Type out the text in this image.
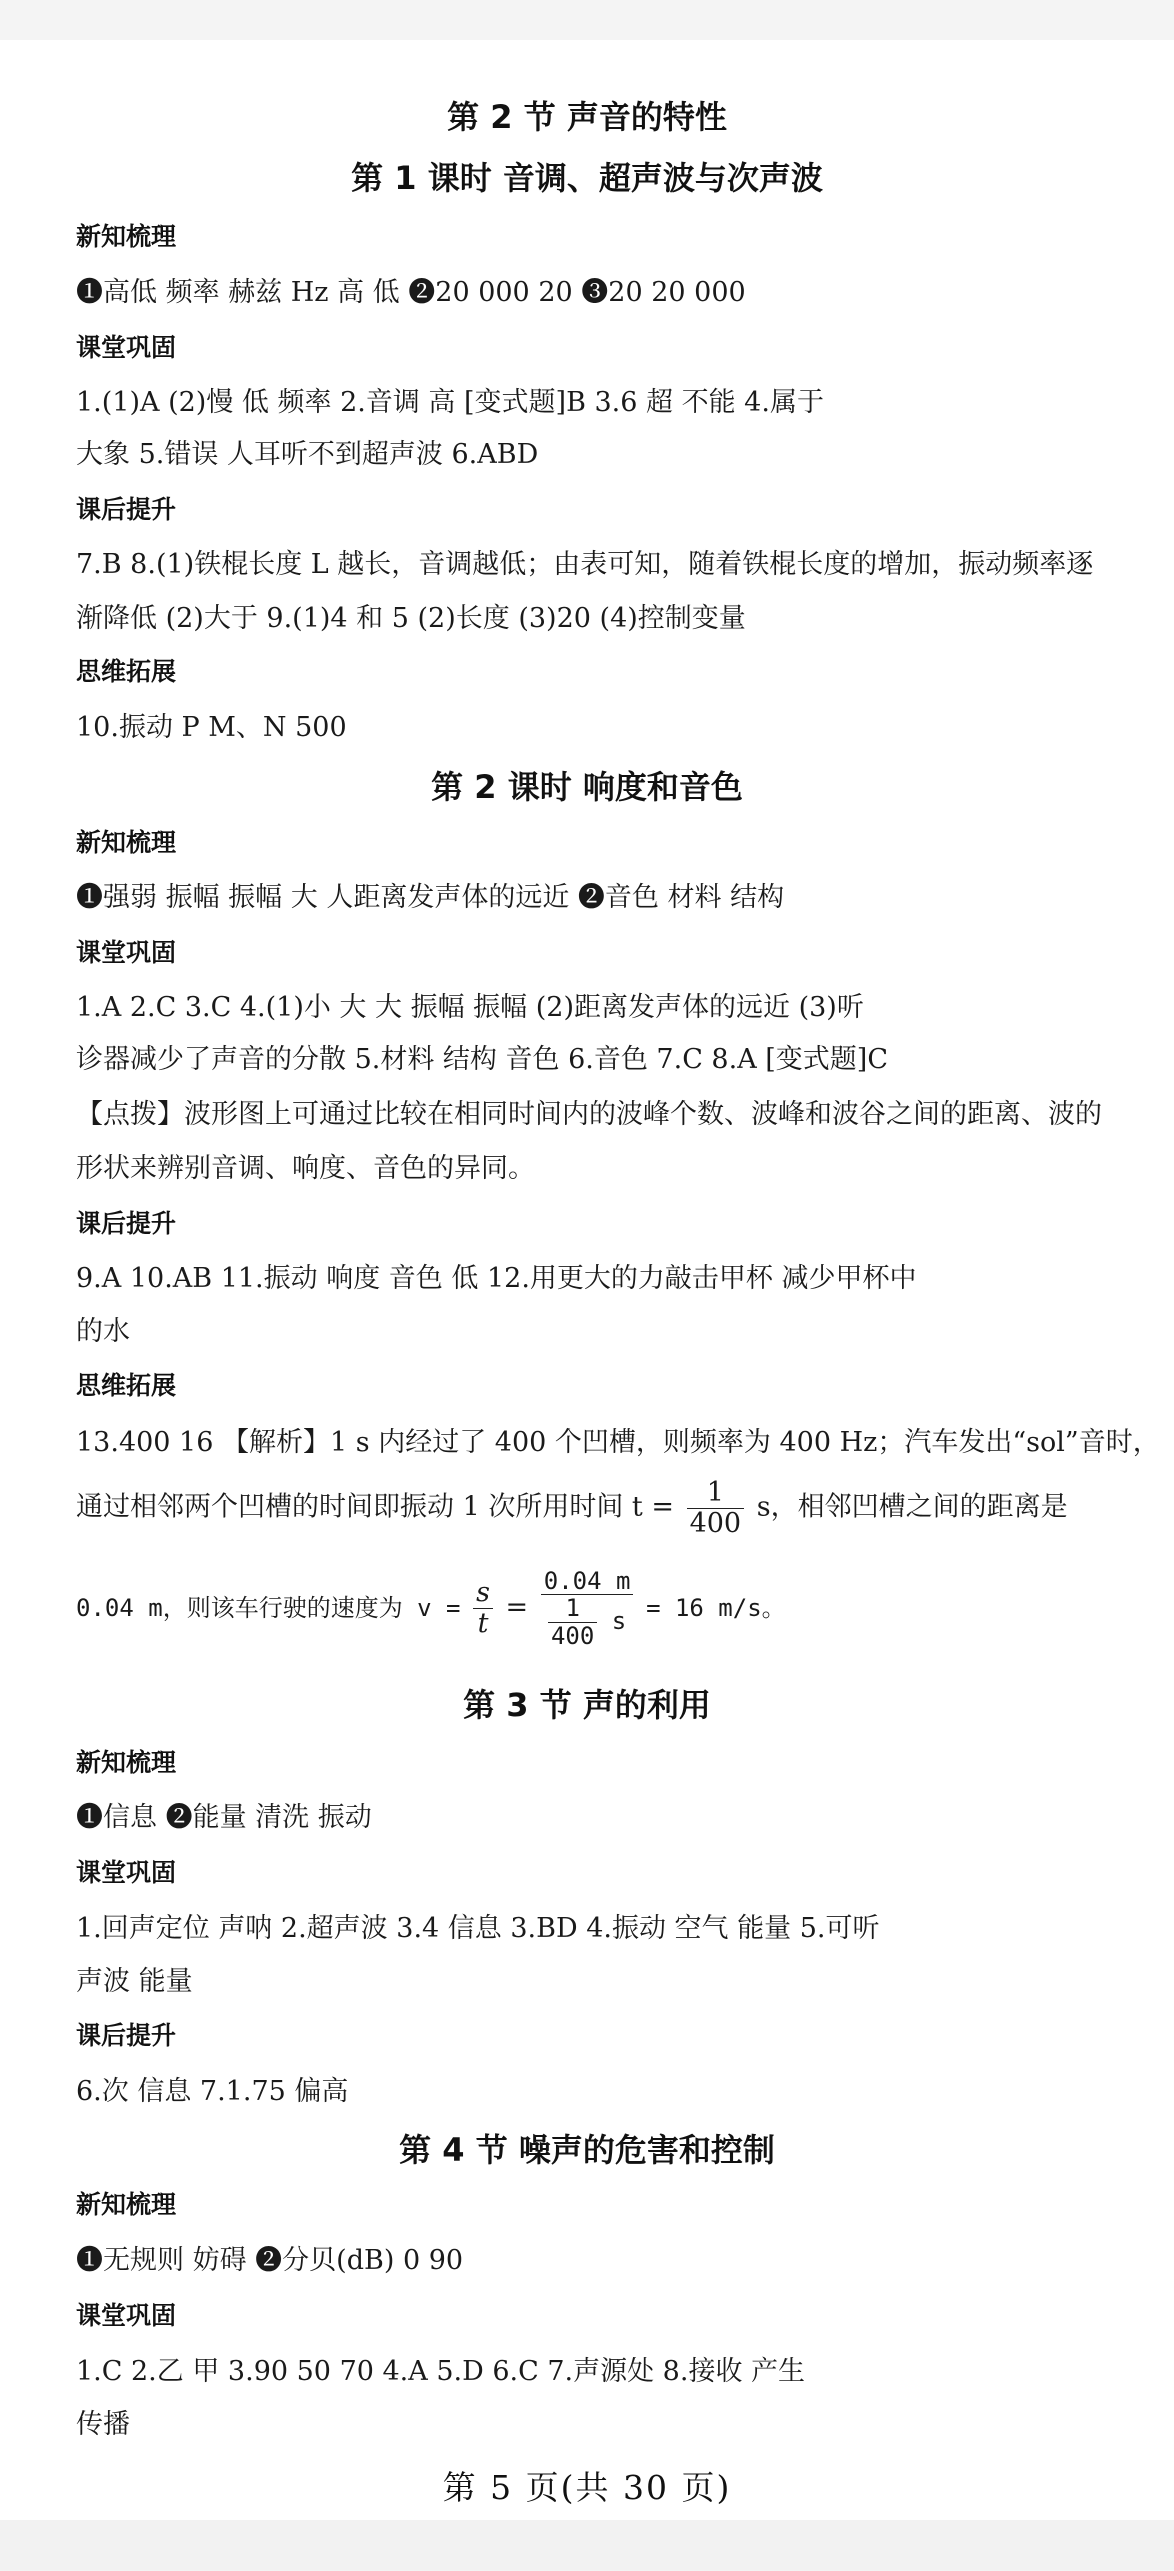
第 2 节 声音的特性
第 1 课时 音调、超声波与次声波
新知梳理
❶高低 频率 赫兹 Hz 高 低 ❷20 000 20 ❸20 20 000
课堂巩固
1.(1)A (2)慢 低 频率 2.音调 高 [变式题]B 3.6 超 不能 4.属于
大象 5.错误 人耳听不到超声波 6.ABD
课后提升
7.B 8.(1)铁棍长度 L 越长，音调越低；由表可知，随着铁棍长度的增加，振动频率逐
渐降低 (2)大于 9.(1)4 和 5 (2)长度 (3)20 (4)控制变量
思维拓展
10.振动 P M、N 500
第 2 课时 响度和音色
新知梳理
❶强弱 振幅 振幅 大 人距离发声体的远近 ❷音色 材料 结构
课堂巩固
1.A 2.C 3.C 4.(1)小 大 大 振幅 振幅 (2)距离发声体的远近 (3)听
诊器减少了声音的分散 5.材料 结构 音色 6.音色 7.C 8.A [变式题]C
【点拨】波形图上可通过比较在相同时间内的波峰个数、波峰和波谷之间的距离、波的
形状来辨别音调、响度、音色的异同。
课后提升
9.A 10.AB 11.振动 响度 音色 低 12.用更大的力敲击甲杯 减少甲杯中
的水
思维拓展
13.400 16 【解析】1 s 内经过了 400 个凹槽，则频率为 400 Hz；汽车发出“sol”音时，
通过相邻两个凹槽的时间即振动 1 次所用时间 $t = \frac{1}{400}$ s，相邻凹槽之间的距离是
0.04 m，则该车行驶的速度为 $v = \frac{s}{t} = \frac{0.04 m}{\frac{1}{400} s} = 16$ m/s。
第 3 节 声的利用
新知梳理
❶信息 ❷能量 清洗 振动
课堂巩固
1.回声定位 声呐 2.超声波 3.4 信息 3.BD 4.振动 空气 能量 5.可听
声波 能量
课后提升
6.次 信息 7.1.75 偏高
第 4 节 噪声的危害和控制
新知梳理
❶无规则 妨碍 ❷分贝(dB) 0 90
课堂巩固
1.C 2.乙 甲 3.90 50 70 4.A 5.D 6.C 7.声源处 8.接收 产生
传播
第 5 页(共 30 页)
